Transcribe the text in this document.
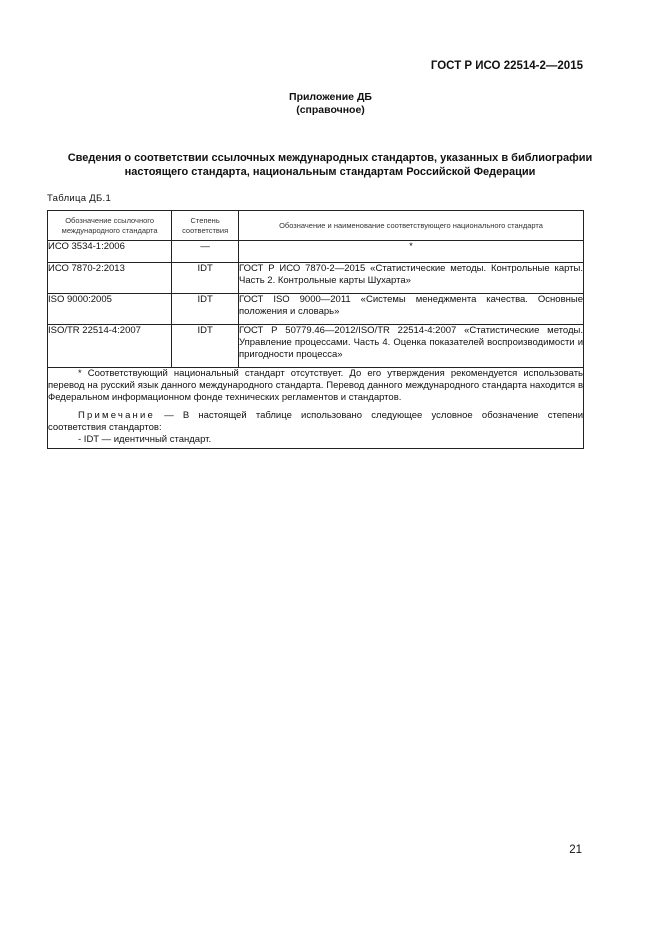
ГОСТ Р ИСО 22514-2—2015
Приложение ДБ
(справочное)
Сведения о соответствии ссылочных международных стандартов, указанных в библиографии
настоящего стандарта, национальным стандартам Российской Федерации
Таблица ДБ.1
Обозначение ссылочного международного стандарта	Степень соответствия	Обозначение и наименование соответствующего национального стандарта
ИСО 3534-1:2006	—	*
ИСО 7870-2:2013	IDT	ГОСТ Р ИСО 7870-2—2015 «Статистические методы. Контрольные карты. Часть 2. Контрольные карты Шухарта»
ISO 9000:2005	IDT	ГОСТ ISO 9000—2011 «Системы менеджмента качества. Основные положения и словарь»
ISO/TR 22514-4:2007	IDT	ГОСТ Р 50779.46—2012/ISO/TR 22514-4:2007 «Статистические методы. Управление процессами. Часть 4. Оценка показателей воспроизводимости и пригодности процесса»

* Соответствующий национальный стандарт отсутствует. До его утверждения рекомендуется использовать перевод на русский язык данного международного стандарта. Перевод данного международного стандарта находится в Федеральном информационном фонде технических регламентов и стандартов.

Примечание — В настоящей таблице использовано следующее условное обозначение степени соответствия стандартов:

- IDT — идентичный стандарт.		

21
